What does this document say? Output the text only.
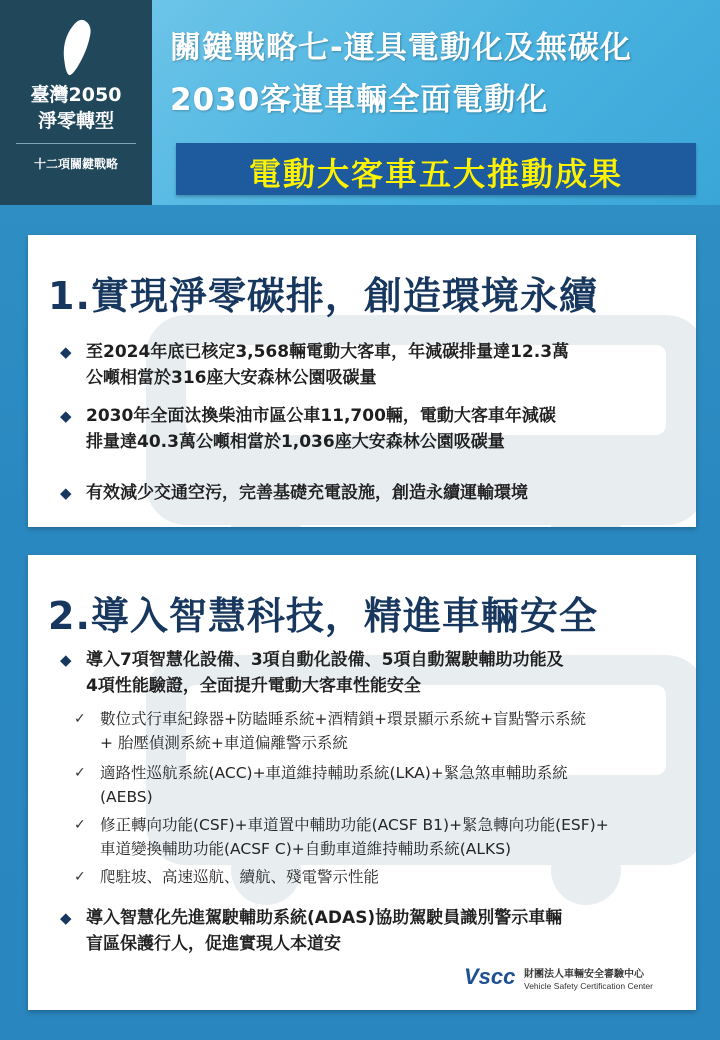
臺灣2050
淨零轉型
十二項關鍵戰略
關鍵戰略七-運具電動化及無碳化
2030客運車輛全面電動化
電動大客車五大推動成果
1.實現淨零碳排，創造環境永續
◆ 至2024年底已核定3,568輛電動大客車，年減碳排量達12.3萬
公噸相當於316座大安森林公園吸碳量
◆ 2030年全面汰換柴油市區公車11,700輛，電動大客車年減碳
排量達40.3萬公噸相當於1,036座大安森林公園吸碳量
◆ 有效減少交通空污，完善基礎充電設施，創造永續運輸環境
2.導入智慧科技，精進車輛安全
◆ 導入7項智慧化設備、3項自動化設備、5項自動駕駛輔助功能及
4項性能驗證，全面提升電動大客車性能安全
✓ 數位式行車紀錄器+防瞌睡系統+酒精鎖+環景顯示系統+盲點警示系統
+ 胎壓偵測系統+車道偏離警示系統
✓ 適路性巡航系統(ACC)+車道維持輔助系統(LKA)+緊急煞車輔助系統
(AEBS)
✓ 修正轉向功能(CSF)+車道置中輔助功能(ACSF B1)+緊急轉向功能(ESF)+
車道變換輔助功能(ACSF C)+自動車道維持輔助系統(ALKS)
✓ 爬駐坡、高速巡航、續航、殘電警示性能
◆ 導入智慧化先進駕駛輔助系統(ADAS)協助駕駛員識別警示車輛
盲區保護行人，促進實現人本道安
Vscc 財團法人車輛安全審驗中心
Vehicle Safety Certification Center
